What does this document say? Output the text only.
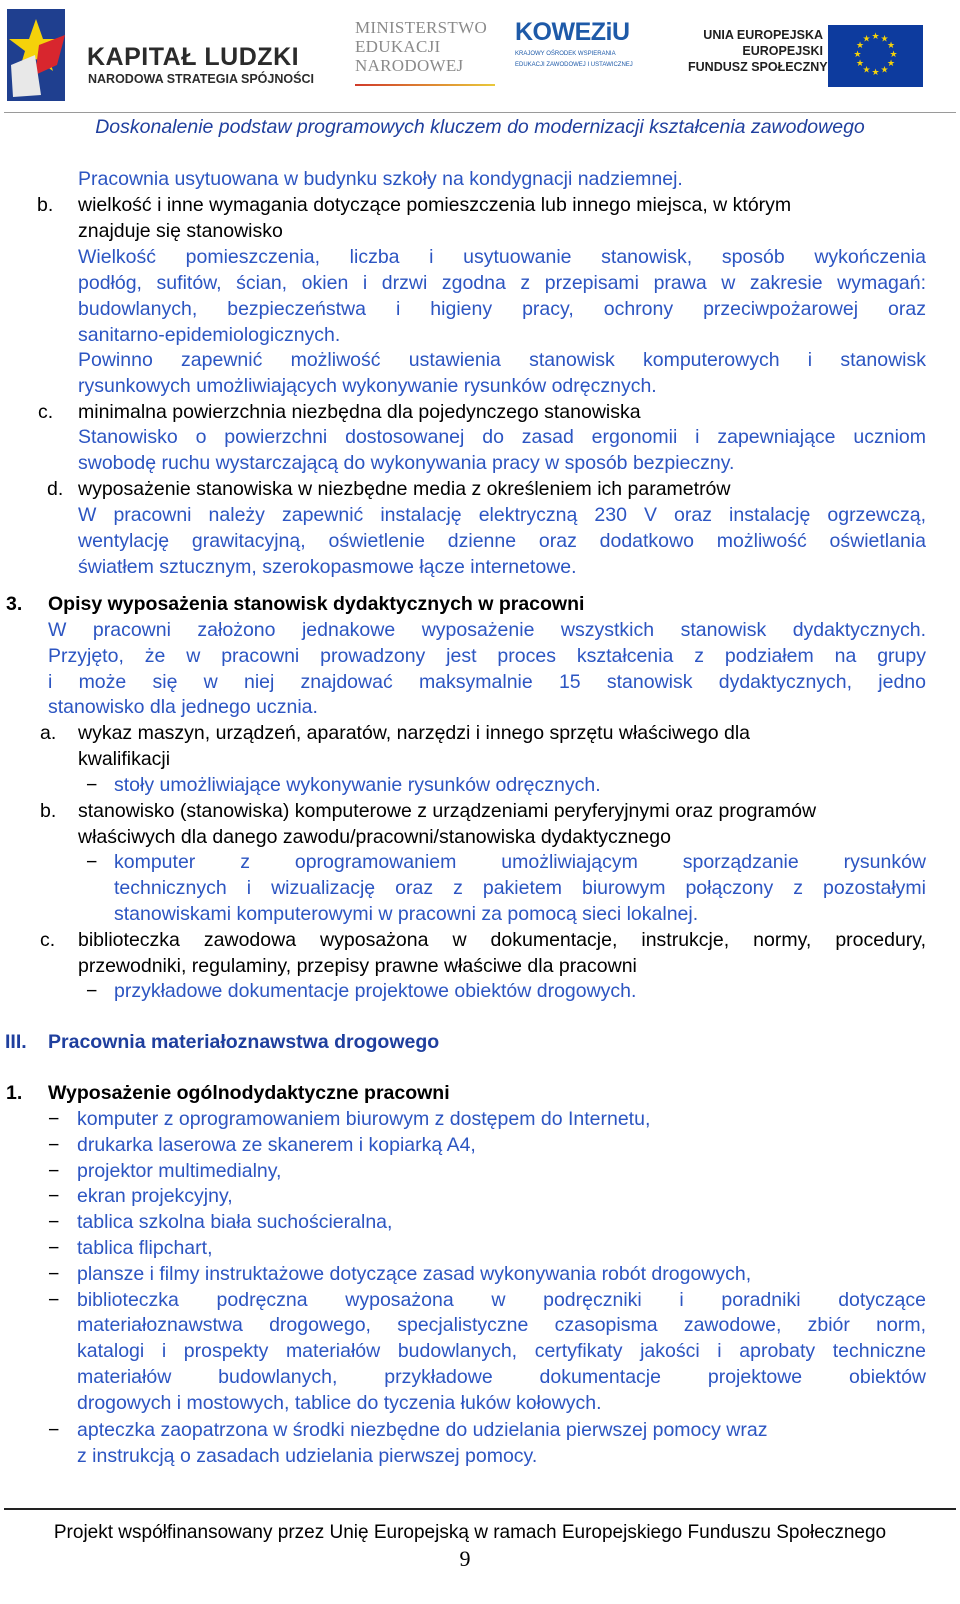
KAPITAŁ LUDZKI
NARODOWA STRATEGIA SPÓJNOŚCI
MINISTERSTWO
EDUKACJI
NARODOWEJ
KOWEZiU
KRAJOWY OŚRODEK WSPIERANIA
EDUKACJI ZAWODOWEJ I USTAWICZNEJ
UNIA EUROPEJSKA
EUROPEJSKI
FUNDUSZ SPOŁECZNY
★ ★
★
★
★
★
★
★
★
★
★
★
Doskonalenie podstaw programowych kluczem do modernizacji kształcenia zawodowego
Pracownia usytuowana w budynku szkoły na kondygnacji nadziemnej.
b. wielkość i inne wymagania dotyczące pomieszczenia lub innego miejsca, w którym
znajduje się stanowisko
Wielkość pomieszczenia, liczba i usytuowanie stanowisk, sposób wykończenia
podłóg, sufitów, ścian, okien i drzwi zgodna z przepisami prawa w zakresie wymagań:
budowlanych, bezpieczeństwa i higieny pracy, ochrony przeciwpożarowej oraz
sanitarno-epidemiologicznych.
Powinno zapewnić możliwość ustawienia stanowisk komputerowych i stanowisk
rysunkowych umożliwiających wykonywanie rysunków odręcznych.
c. minimalna powierzchnia niezbędna dla pojedynczego stanowiska
Stanowisko o powierzchni dostosowanej do zasad ergonomii i zapewniające uczniom
swobodę ruchu wystarczającą do wykonywania pracy w sposób bezpieczny.
d. wyposażenie stanowiska w niezbędne media z określeniem ich parametrów
W pracowni należy zapewnić instalację elektryczną 230 V oraz instalację ogrzewczą,
wentylację grawitacyjną, oświetlenie dzienne oraz dodatkowo możliwość oświetlania
światłem sztucznym, szerokopasmowe łącze internetowe.
3. Opisy wyposażenia stanowisk dydaktycznych w pracowni
W pracowni założono jednakowe wyposażenie wszystkich stanowisk dydaktycznych.
Przyjęto, że w pracowni prowadzony jest proces kształcenia z podziałem na grupy
i może się w niej znajdować maksymalnie 15 stanowisk dydaktycznych, jedno
stanowisko dla jednego ucznia.
a. wykaz maszyn, urządzeń, aparatów, narzędzi i innego sprzętu właściwego dla
kwalifikacji
− stoły umożliwiające wykonywanie rysunków odręcznych.
b. stanowisko (stanowiska) komputerowe z urządzeniami peryferyjnymi oraz programów
właściwych dla danego zawodu/pracowni/stanowiska dydaktycznego
− komputer z oprogramowaniem umożliwiającym sporządzanie rysunków
technicznych i wizualizację oraz z pakietem biurowym połączony z pozostałymi
stanowiskami komputerowymi w pracowni za pomocą sieci lokalnej.
c. biblioteczka zawodowa wyposażona w dokumentacje, instrukcje, normy, procedury,
przewodniki, regulaminy, przepisy prawne właściwe dla pracowni
− przykładowe dokumentacje projektowe obiektów drogowych.
III. Pracownia materiałoznawstwa drogowego
1. Wyposażenie ogólnodydaktyczne pracowni
− komputer z oprogramowaniem biurowym z dostępem do Internetu,
− drukarka laserowa ze skanerem i kopiarką A4,
− projektor multimedialny,
− ekran projekcyjny,
− tablica szkolna biała suchościeralna,
− tablica flipchart,
− plansze i filmy instruktażowe dotyczące zasad wykonywania robót drogowych,
− biblioteczka podręczna wyposażona w podręczniki i poradniki dotyczące
materiałoznawstwa drogowego, specjalistyczne czasopisma zawodowe, zbiór norm,
katalogi i prospekty materiałów budowlanych, certyfikaty jakości i aprobaty techniczne
materiałów budowlanych, przykładowe dokumentacje projektowe obiektów
drogowych i mostowych, tablice do tyczenia łuków kołowych.
− apteczka zaopatrzona w środki niezbędne do udzielania pierwszej pomocy wraz
z instrukcją o zasadach udzielania pierwszej pomocy.
Projekt współfinansowany przez Unię Europejską w ramach Europejskiego Funduszu Społecznego
9
